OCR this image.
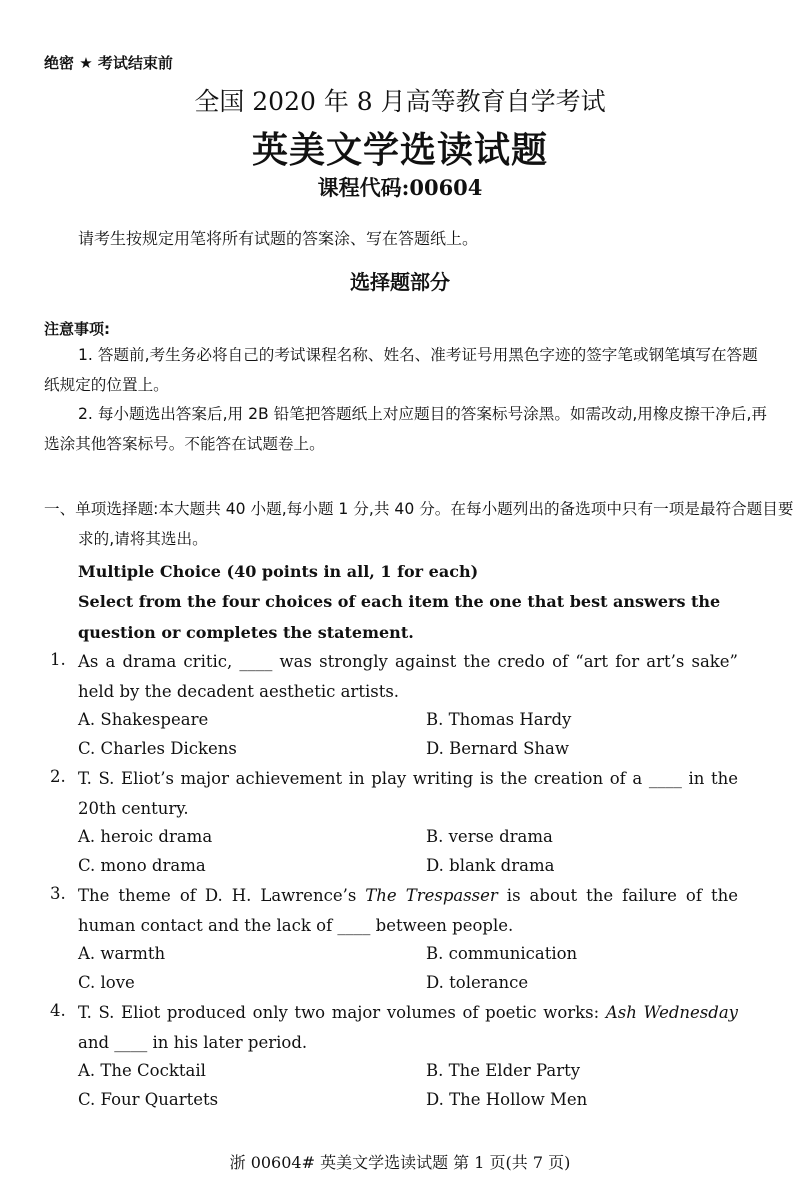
绝密 ★ 考试结束前
全国 2020 年 8 月高等教育自学考试
英美文学选读试题
课程代码:00604
请考生按规定用笔将所有试题的答案涂、写在答题纸上。
选择题部分
注意事项:
1. 答题前,考生务必将自己的考试课程名称、姓名、准考证号用黑色字迹的签字笔或钢笔填写在答题纸规定的位置上。
2. 每小题选出答案后,用 2B 铅笔把答题纸上对应题目的答案标号涂黑。如需改动,用橡皮擦干净后,再选涂其他答案标号。不能答在试题卷上。
一、单项选择题:本大题共 40 小题,每小题 1 分,共 40 分。在每小题列出的备选项中只有一项是最符合题目要求的,请将其选出。
Multiple Choice (40 points in all, 1 for each)
Select from the four choices of each item the one that best answers the question or completes the statement.
1. As a drama critic, ____ was strongly against the credo of “art for art’s sake” held by the decadent aesthetic artists.
A. Shakespeare	B. Thomas Hardy
C. Charles Dickens	D. Bernard Shaw
2. T. S. Eliot’s major achievement in play writing is the creation of a ____ in the 20th century.
A. heroic drama	B. verse drama
C. mono drama	D. blank drama
3. The theme of D. H. Lawrence’s The Trespasser is about the failure of the human contact and the lack of ____ between people.
A. warmth	B. communication
C. love	D. tolerance
4. T. S. Eliot produced only two major volumes of poetic works: Ash Wednesday and ____ in his later period.
A. The Cocktail	B. The Elder Party
C. Four Quartets	D. The Hollow Men
浙 00604# 英美文学选读试题 第 1 页(共 7 页)
